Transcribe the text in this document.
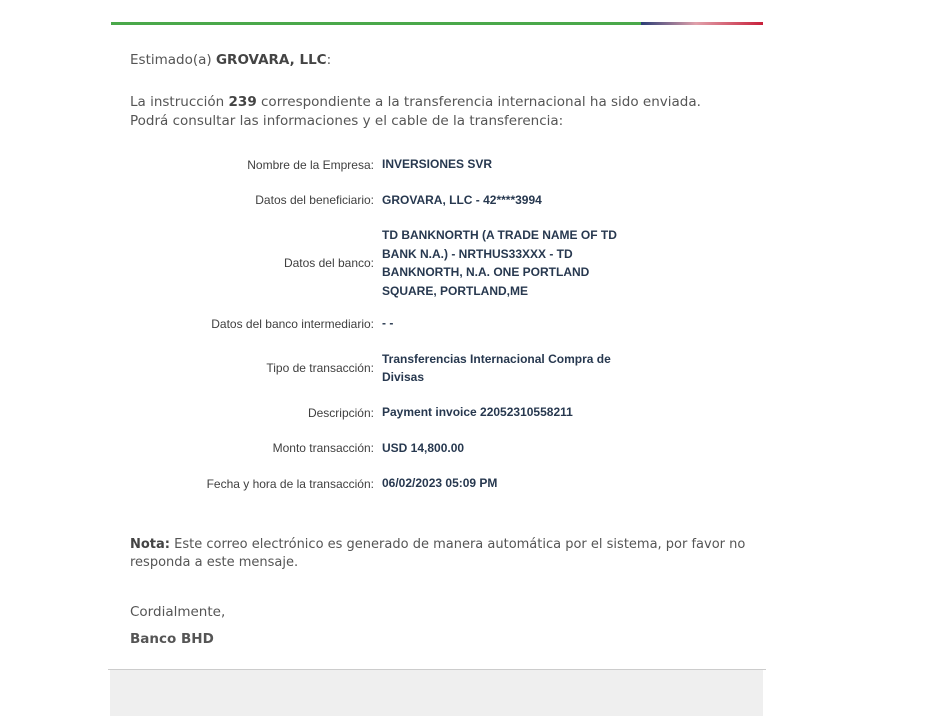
Estimado(a) GROVARA, LLC:

La instrucción 239 correspondiente a la transferencia internacional ha sido enviada. Podrá consultar las informaciones y el cable de la transferencia:

Nombre de la Empresa:	INVERSIONES SVR
Datos del beneficiario:	GROVARA, LLC - 42****3994
Datos del banco:	TD BANKNORTH (A TRADE NAME OF TD BANK N.A.) - NRTHUS33XXX - TD BANKNORTH, N.A. ONE PORTLAND SQUARE, PORTLAND,ME
Datos del banco intermediario:	- -
Tipo de transacción:	Transferencias Internacional Compra de Divisas
Descripción:	Payment invoice 22052310558211
Monto transacción:	USD 14,800.00
Fecha y hora de la transacción:	06/02/2023 05:09 PM

Nota: Este correo electrónico es generado de manera automática por el sistema, por favor no responda a este mensaje.

Cordialmente,

Banco BHD
